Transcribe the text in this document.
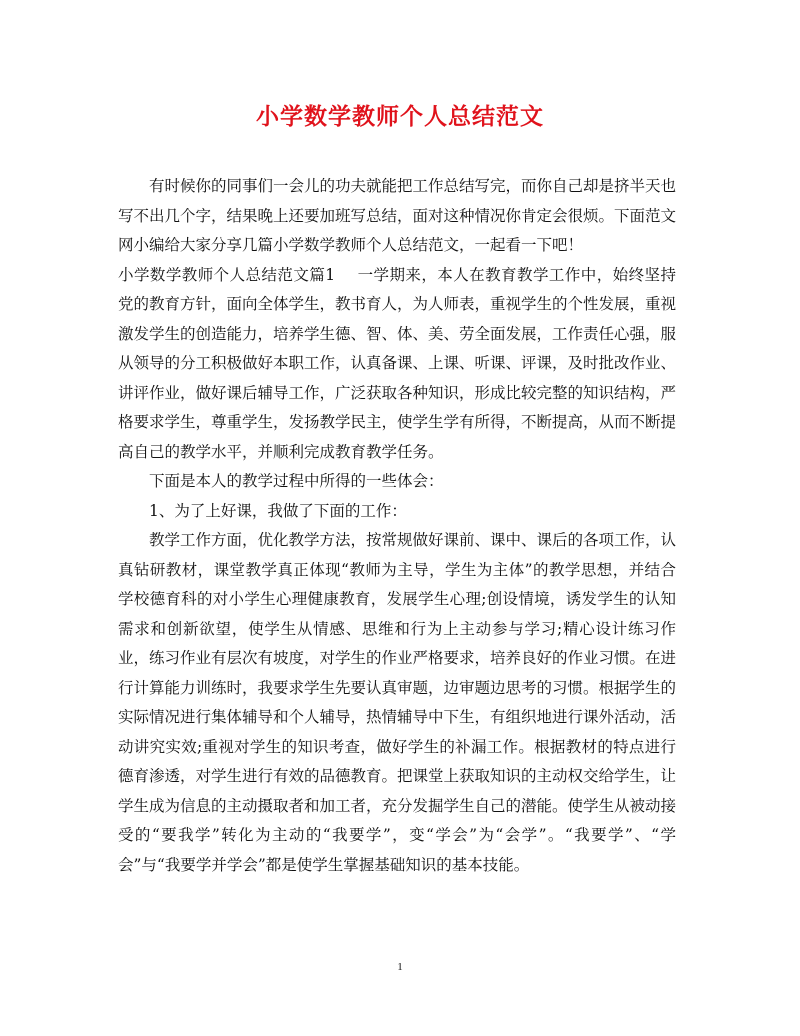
小学数学教师个人总结范文

有时候你的同事们一会儿的功夫就能把工作总结写完，而你自己却是挤半天也写不出几个字，结果晚上还要加班写总结，面对这种情况你肯定会很烦。下面范文网小编给大家分享几篇小学数学教师个人总结范文，一起看一下吧！

小学数学教师个人总结范文篇1 一学期来，本人在教育教学工作中，始终坚持党的教育方针，面向全体学生，教书育人，为人师表，重视学生的个性发展，重视激发学生的创造能力，培养学生德、智、体、美、劳全面发展，工作责任心强，服从领导的分工积极做好本职工作，认真备课、上课、听课、评课，及时批改作业、讲评作业，做好课后辅导工作，广泛获取各种知识，形成比较完整的知识结构，严格要求学生，尊重学生，发扬教学民主，使学生学有所得，不断提高，从而不断提高自己的教学水平，并顺利完成教育教学任务。

下面是本人的教学过程中所得的一些体会：

1、为了上好课，我做了下面的工作：

教学工作方面，优化教学方法，按常规做好课前、课中、课后的各项工作，认真钻研教材，课堂教学真正体现“教师为主导，学生为主体”的教学思想，并结合学校德育科的对小学生心理健康教育，发展学生心理;创设情境，诱发学生的认知需求和创新欲望，使学生从情感、思维和行为上主动参与学习;精心设计练习作业，练习作业有层次有坡度，对学生的作业严格要求，培养良好的作业习惯。在进行计算能力训练时，我要求学生先要认真审题，边审题边思考的习惯。根据学生的实际情况进行集体辅导和个人辅导，热情辅导中下生，有组织地进行课外活动，活动讲究实效;重视对学生的知识考查，做好学生的补漏工作。根据教材的特点进行德育渗透，对学生进行有效的品德教育。把课堂上获取知识的主动权交给学生，让学生成为信息的主动摄取者和加工者，充分发掘学生自己的潜能。使学生从被动接受的“要我学”转化为主动的“我要学”，变“学会”为“会学”。“我要学”、“学会”与“我要学并学会”都是使学生掌握基础知识的基本技能。

1
